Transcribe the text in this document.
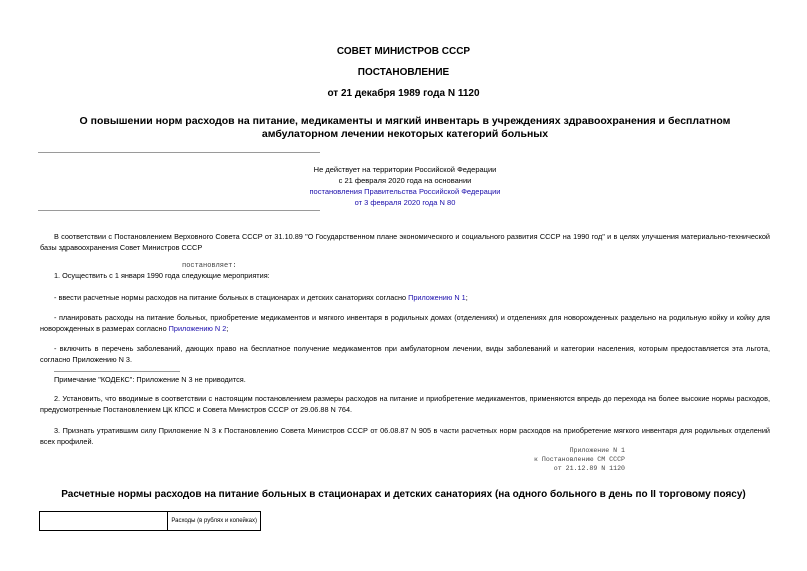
СОВЕТ МИНИСТРОВ СССР
ПОСТАНОВЛЕНИЕ
от 21 декабря 1989 года N 1120
О повышении норм расходов на питание, медикаменты и мягкий инвентарь в учреждениях здравоохранения и бесплатном амбулаторном лечении некоторых категорий больных
Не действует на территории Российской Федерации
с 21 февраля 2020 года на основании
постановления Правительства Российской Федерации
от 3 февраля 2020 года N 80
В соответствии с Постановлением Верховного Совета СССР от 31.10.89 "О Государственном плане экономического и социального развития СССР на 1990 год" и в целях улучшения материально-технической базы здравоохранения Совет Министров СССР
постановляет:
1. Осуществить с 1 января 1990 года следующие мероприятия:
- ввести расчетные нормы расходов на питание больных в стационарах и детских санаториях согласно Приложению N 1;
- планировать расходы на питание больных, приобретение медикаментов и мягкого инвентаря в родильных домах (отделениях) и отделениях для новорожденных раздельно на родильную койку и койку для новорожденных в размерах согласно Приложению N 2;
- включить в перечень заболеваний, дающих право на бесплатное получение медикаментов при амбулаторном лечении, виды заболеваний и категории населения, которым предоставляется эта льгота, согласно Приложению N 3.
Примечание "КОДЕКС": Приложение N 3 не приводится.
2. Установить, что вводимые в соответствии с настоящим постановлением размеры расходов на питание и приобретение медикаментов, применяются впредь до перехода на более высокие нормы расходов, предусмотренные Постановлением ЦК КПСС и Совета Министров СССР от 29.06.88 N 764.
3. Признать утратившим силу Приложение N 3 к Постановлению Совета Министров СССР от 06.08.87 N 905 в части расчетных норм расходов на приобретение мягкого инвентаря для родильных отделений всех профилей.
Приложение N 1
к Постановлению СМ СССР
от 21.12.89 N 1120
Расчетные нормы расходов на питание больных в стационарах и детских санаториях (на одного больного в день по II торговому поясу)
	Расходы (в рублях и копейках)
